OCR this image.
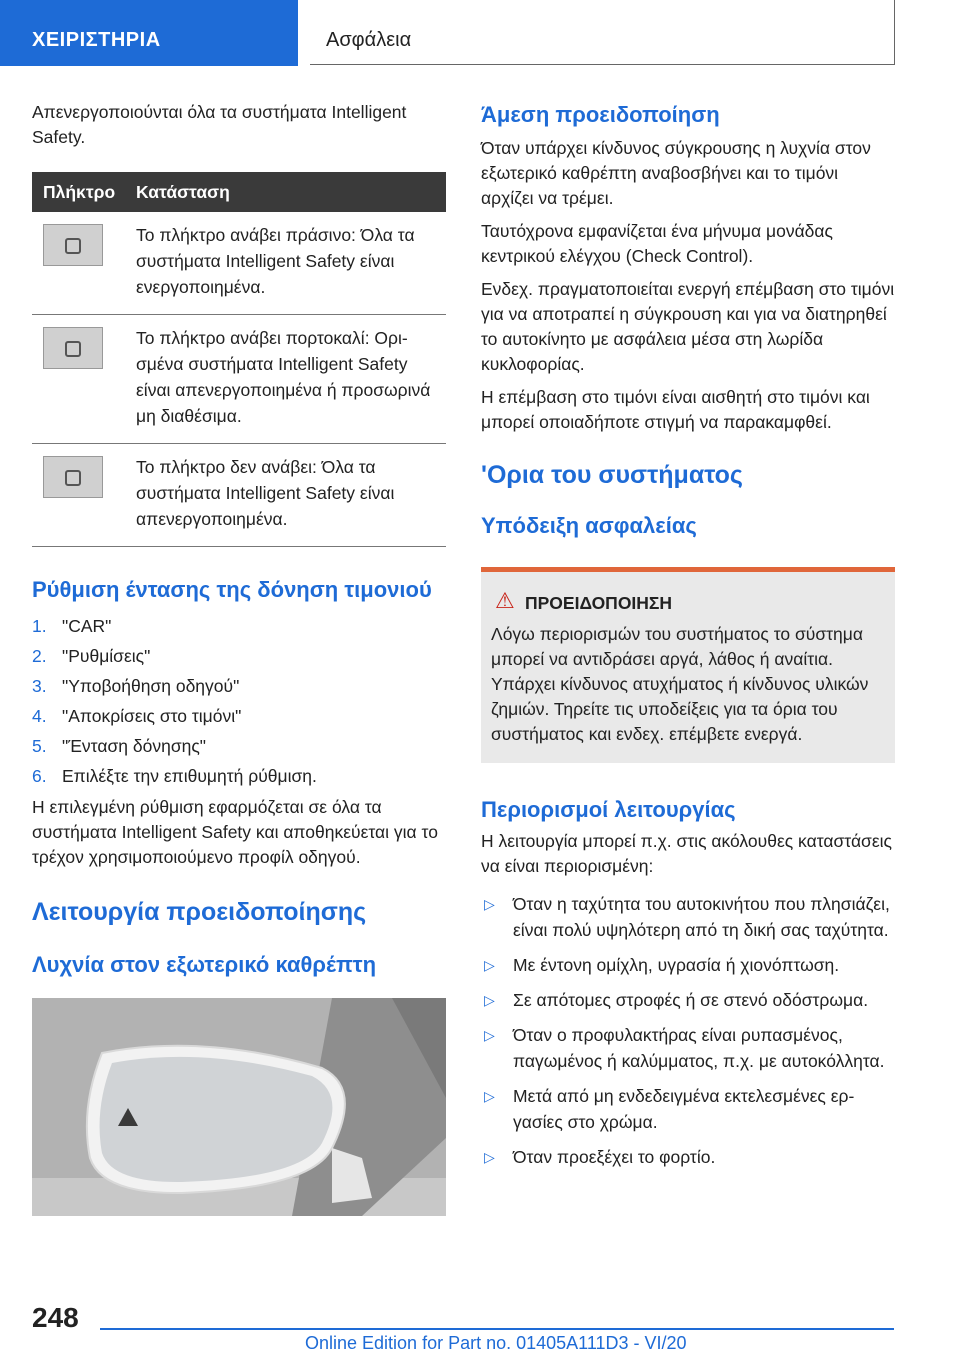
ΧΕΙΡΙΣΤΗΡΙΑ	Ασφάλεια

Απενεργοποιούνται όλα τα συστήματα Intelligent Safety.

Πλήκτρο	Κατάσταση

	Το πλήκτρο ανάβει πράσινο: Όλα τα συστήματα Intelligent Safety είναι ενεργοποιημένα.

	Το πλήκτρο ανάβει πορτοκαλί: Ορισμένα συστήματα Intelligent Safety είναι απενεργοποιημένα ή προσωρινά μη διαθέσιμα.

	Το πλήκτρο δεν ανάβει: Όλα τα συστήματα Intelligent Safety είναι απενεργοποιημένα.
Ρύθμιση έντασης της δόνηση τιμονιού
1. "CAR"
2. "Ρυθμίσεις"
3. "Υποβοήθηση οδηγού"
4. "Αποκρίσεις στο τιμόνι"
5. "Ένταση δόνησης"
6. Επιλέξτε την επιθυμητή ρύθμιση.

Η επιλεγμένη ρύθμιση εφαρμόζεται σε όλα τα συστήματα Intelligent Safety και αποθηκεύεται για το τρέχον χρησιμοποιούμενο προφίλ οδηγού.

Λειτουργία προειδοποίησης
Λυχνία στον εξωτερικό καθρέπτη
Άμεση προειδοποίηση

Όταν υπάρχει κίνδυνος σύγκρουσης η λυχνία στον εξωτερικό καθρέπτη αναβοσβήνει και το τιμόνι αρχίζει να τρέμει.

Ταυτόχρονα εμφανίζεται ένα μήνυμα μονάδας κεντρικού ελέγχου (Check Control).

Ενδεχ. πραγματοποιείται ενεργή επέμβαση στο τιμόνι για να αποτραπεί η σύγκρουση και για να διατηρηθεί το αυτοκίνητο με ασφάλεια μέσα στη λωρίδα κυκλοφορίας.

Η επέμβαση στο τιμόνι είναι αισθητή στο τιμόνι και μπορεί οποιαδήποτε στιγμή να παρακαμφθεί.

'Ορια του συστήματος
Υπόδειξη ασφαλείας
⚠ ΠΡΟΕΙΔΟΠΟΙΗΣΗ

Λόγω περιορισμών του συστήματος το σύστημα μπορεί να αντιδράσει αργά, λάθος ή αναίτια. Υπάρχει κίνδυνος ατυχήματος ή κίνδυνος υλικών ζημιών. Τηρείτε τις υποδείξεις για τα όρια του συστήματος και ενδεχ. επέμβετε ενεργά.

Περιορισμοί λειτουργίας

Η λειτουργία μπορεί π.χ. στις ακόλουθες καταστάσεις να είναι περιορισμένη:

▷ Όταν η ταχύτητα του αυτοκινήτου που πλησιάζει, είναι πολύ υψηλότερη από τη δική σας ταχύτητα.
▷ Με έντονη ομίχλη, υγρασία ή χιονόπτωση.
▷ Σε απότομες στροφές ή σε στενό οδόστρωμα.
▷ Όταν ο προφυλακτήρας είναι ρυπασμένος, παγωμένος ή καλύμματος, π.χ. με αυτοκόλλητα.
▷ Μετά από μη ενδεδειγμένα εκτελεσμένες εργασίες στο χρώμα.
▷ Όταν προεξέχει το φορτίο.
248
Online Edition for Part no. 01405A111D3 - VI/20
